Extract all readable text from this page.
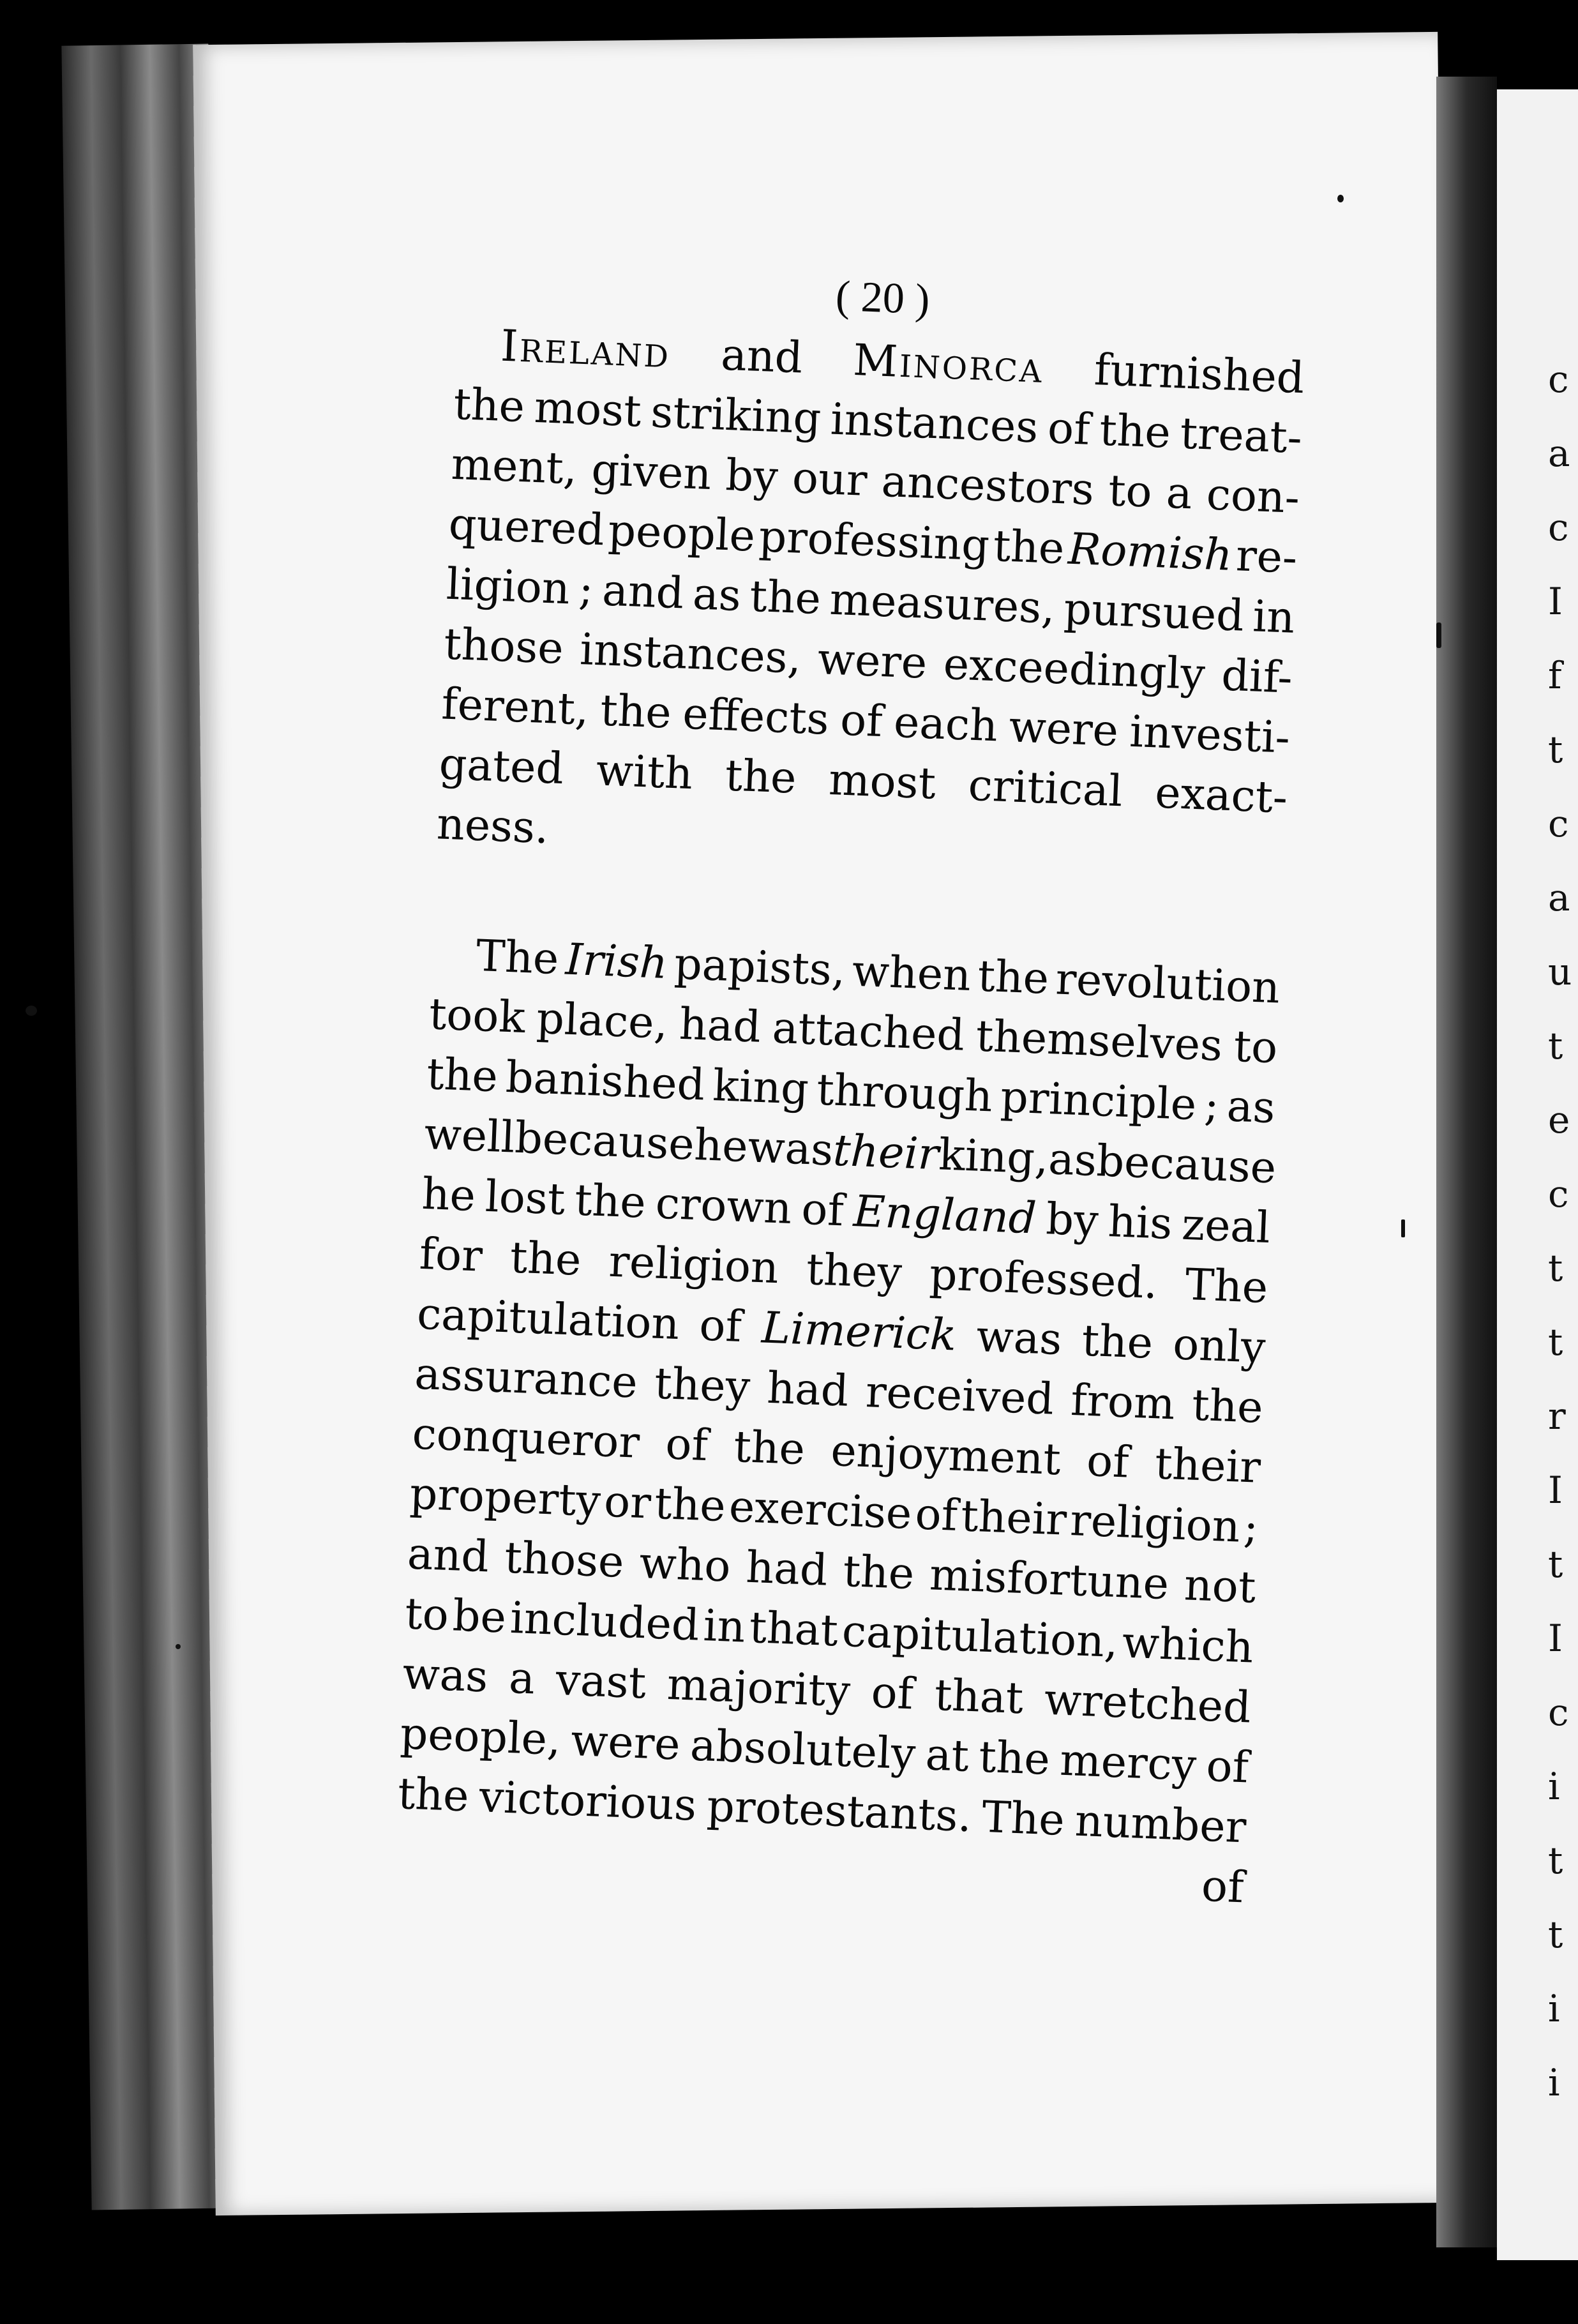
( 20 )
Ireland and Minorca furnished
the most striking instances of the treat-
ment, given by our ancestors to a con-
quered people professing the Romish re-
ligion ; and as the measures, pursued in
those instances, were exceedingly dif-
ferent, the effects of each were investi-
gated with the most critical exact-
ness.
The Irish papists, when the revolution
took place, had attached themselves to
the banished king through principle ; as
well
because
he
was
their
king,
as
because
he lost the crown of England by his zeal
for the religion they professed. The
capitulation of Limerick was the only
assurance they had received from the
conqueror of the enjoyment of their
property or the exercise of their religion ;
and those who had the misfortune not
to be included in that capitulation, which
was a vast majority of that wretched
people, were absolutely at the mercy of
the victorious protestants. The number
of
c
a
c
I
f
t
c
a
u
t
e
c
t
t
r
I
t
I
c
i
t
t
i
i
